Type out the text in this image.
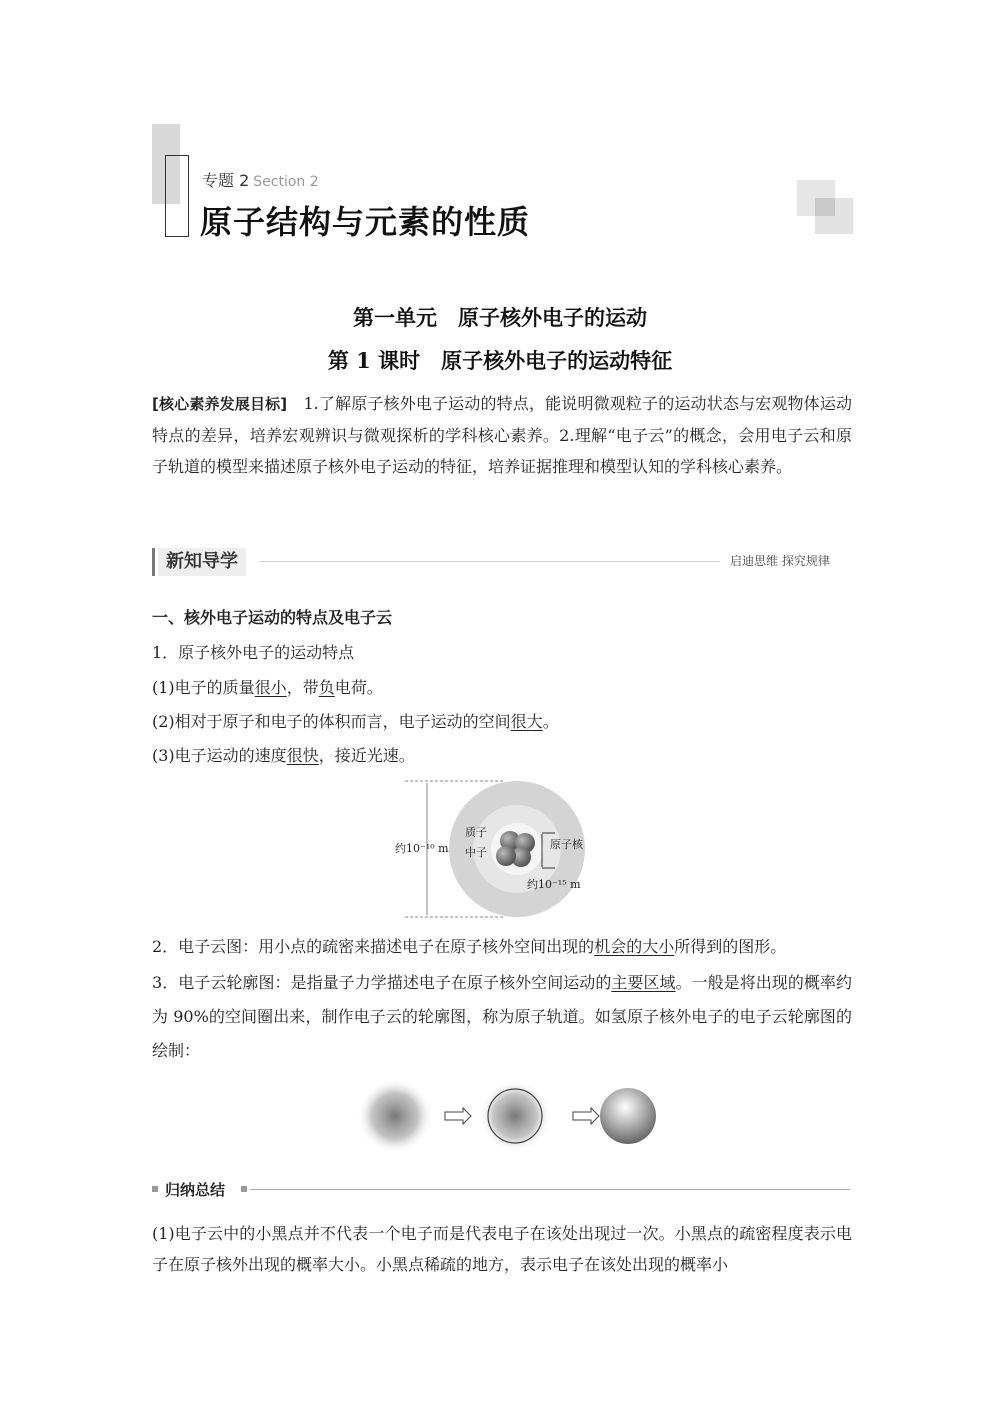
专题 2 Section 2
原子结构与元素的性质
第一单元　原子核外电子的运动
第 1 课时　原子核外电子的运动特征
[核心素养发展目标]　1.了解原子核外电子运动的特点，能说明微观粒子的运动状态与宏观物体运动特点的差异，培养宏观辨识与微观探析的学科核心素养。2.理解“电子云”的概念，会用电子云和原子轨道的模型来描述原子核外电子运动的特征，培养证据推理和模型认知的学科核心素养。
新知导学	启迪思维 探究规律
一、核外电子运动的特点及电子云
1．原子核外电子的运动特点
(1)电子的质量很小，带负电荷。
(2)相对于原子和电子的体积而言，电子运动的空间很大。
(3)电子运动的速度很快，接近光速。
约10⁻¹⁰ m
质子
中子
原子核
约10⁻¹⁵ m
2．电子云图：用小点的疏密来描述电子在原子核外空间出现的机会的大小所得到的图形。
3．电子云轮廓图：是指量子力学描述电子在原子核外空间运动的主要区域。一般是将出现的概率约为 90%的空间圈出来，制作电子云的轮廓图，称为原子轨道。如氢原子核外电子的电子云轮廓图的绘制：
归纳总结
(1)电子云中的小黑点并不代表一个电子而是代表电子在该处出现过一次。小黑点的疏密程度表示电子在原子核外出现的概率大小。小黑点稀疏的地方，表示电子在该处出现的概率小
